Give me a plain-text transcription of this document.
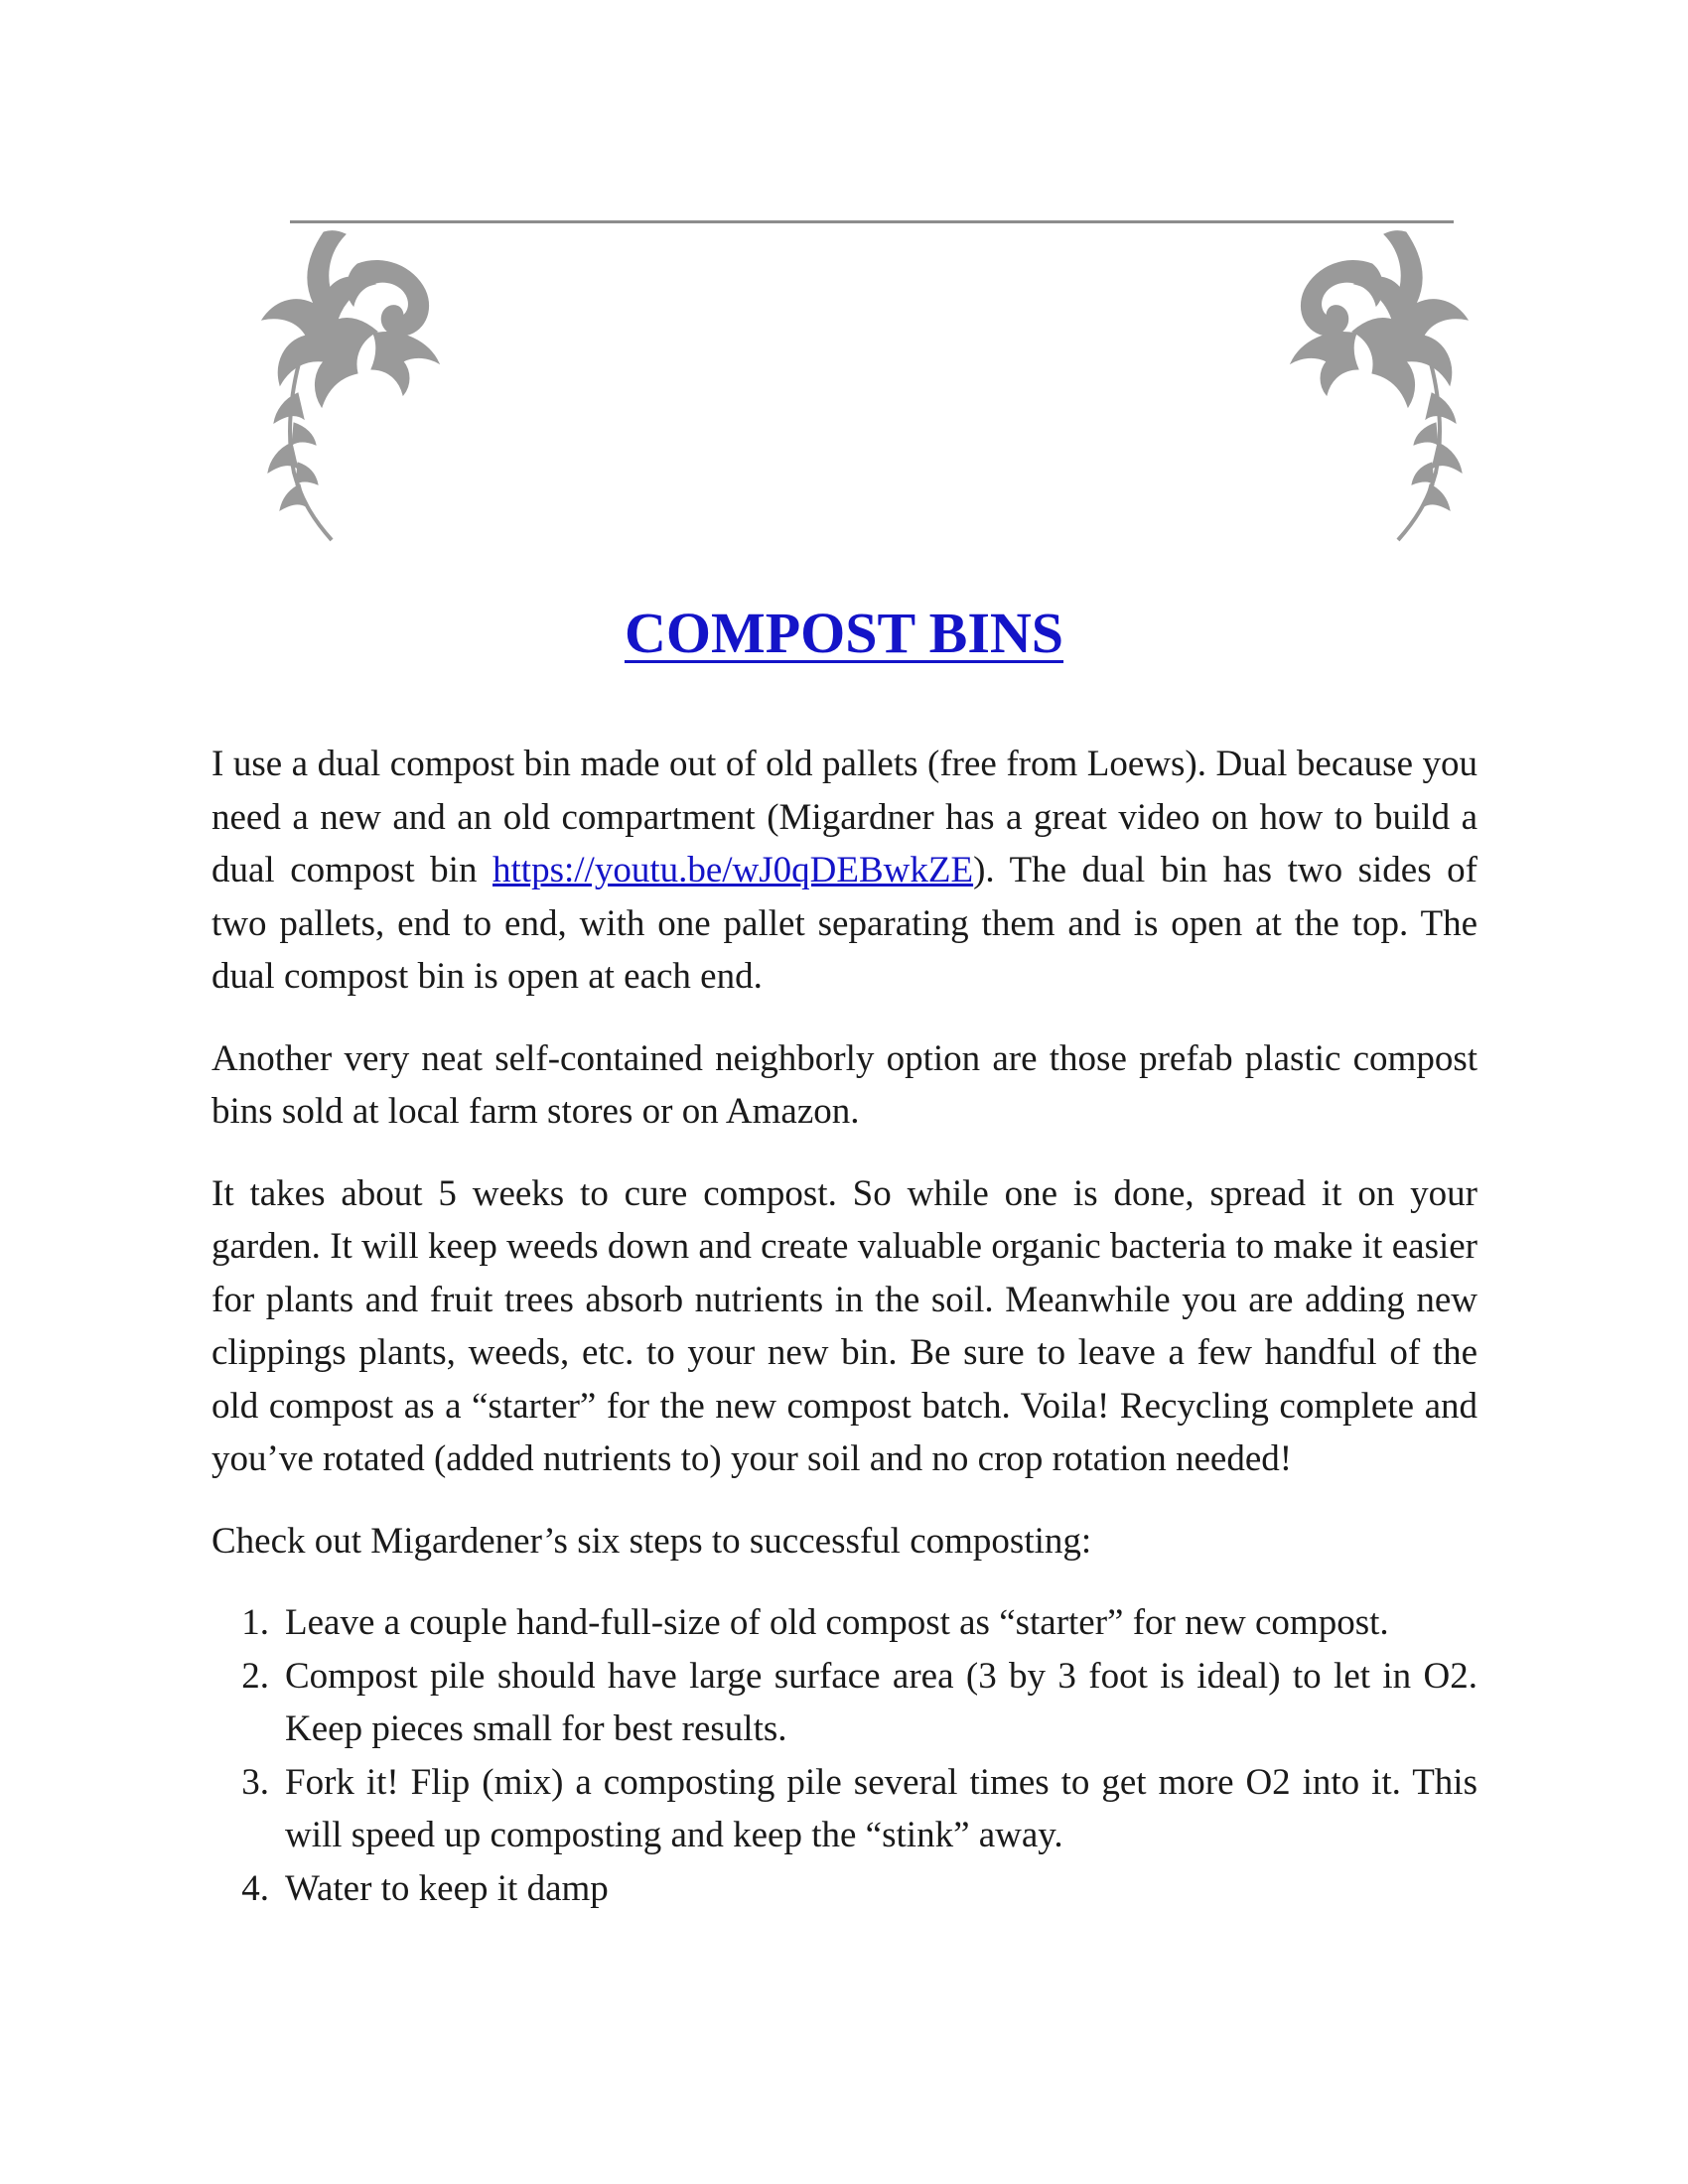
COMPOST BINS

I use a dual compost bin made out of old pallets (free from Loews). Dual because you need a new and an old compartment (Migardner has a great video on how to build a dual compost bin https://youtu.be/wJ0qDEBwkZE). The dual bin has two sides of two pallets, end to end, with one pallet separating them and is open at the top. The dual compost bin is open at each end.

Another very neat self-contained neighborly option are those prefab plastic compost bins sold at local farm stores or on Amazon.

It takes about 5 weeks to cure compost. So while one is done, spread it on your garden. It will keep weeds down and create valuable organic bacteria to make it easier for plants and fruit trees absorb nutrients in the soil. Meanwhile you are adding new clippings plants, weeds, etc. to your new bin. Be sure to leave a few handful of the old compost as a “starter” for the new compost batch. Voila! Recycling complete and you’ve rotated (added nutrients to) your soil and no crop rotation needed!

Check out Migardener’s six steps to successful composting:

1. Leave a couple hand-full-size of old compost as “starter” for new compost.
2. Compost pile should have large surface area (3 by 3 foot is ideal) to let in O2. Keep pieces small for best results.
3. Fork it! Flip (mix) a composting pile several times to get more O2 into it. This will speed up composting and keep the “stink” away.
4. Water to keep it damp
